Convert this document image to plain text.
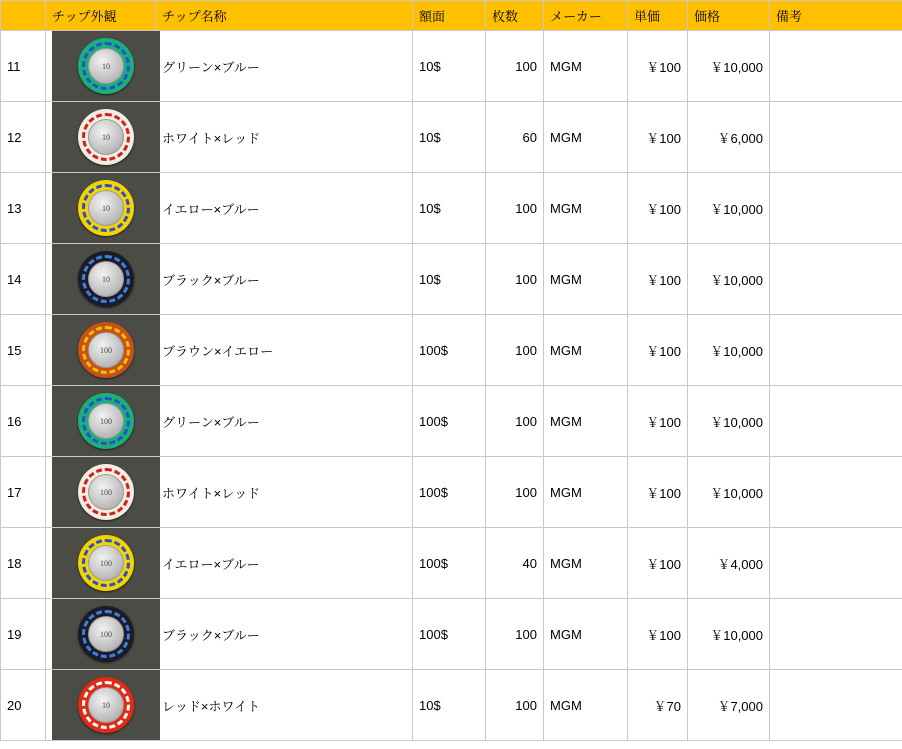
	チップ外観	チップ名称	額面	枚数	メーカー	単価	価格	備考
11	10	グリーン×ブルー	10$	100	MGM	￥100	￥10,000	
12	10	ホワイト×レッド	10$	60	MGM	￥100	￥6,000	
13	10	イエロー×ブルー	10$	100	MGM	￥100	￥10,000	
14	10	ブラック×ブルー	10$	100	MGM	￥100	￥10,000	
15	100	ブラウン×イエロー	100$	100	MGM	￥100	￥10,000	
16	100	グリーン×ブルー	100$	100	MGM	￥100	￥10,000	
17	100	ホワイト×レッド	100$	100	MGM	￥100	￥10,000	
18	100	イエロー×ブルー	100$	40	MGM	￥100	￥4,000	
19	100	ブラック×ブルー	100$	100	MGM	￥100	￥10,000	
20	10	レッド×ホワイト	10$	100	MGM	￥70	￥7,000	
